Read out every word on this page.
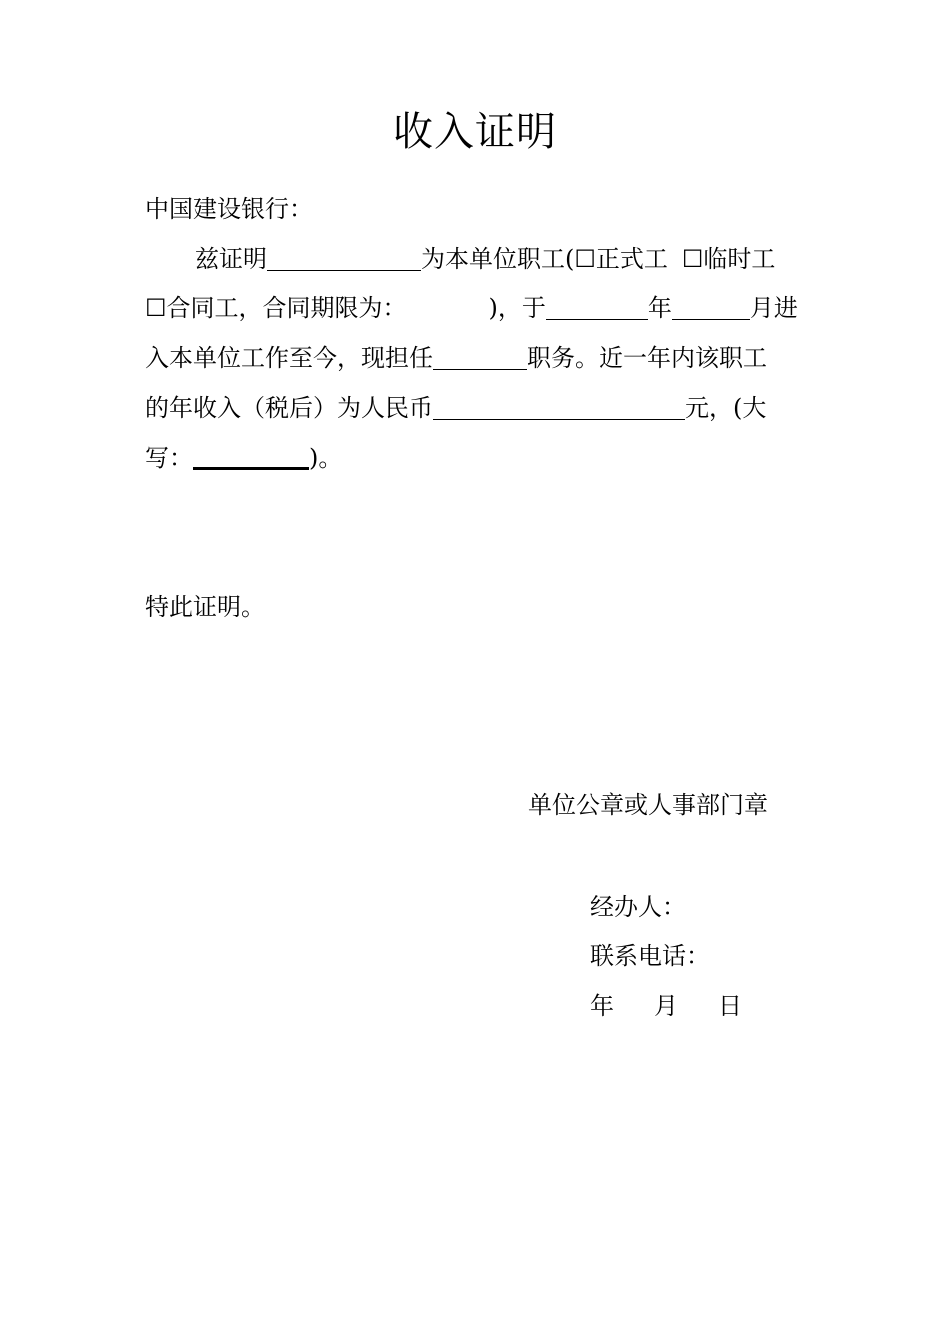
收入证明
中国建设银行：
兹证明	为本单位职工(☐正式工 ☐临时工
☐合同工，合同期限为：	)，于	年	月进
入本单位工作至今，现担任	职务。近一年内该职工
的年收入（税后）为人民币	元，(大
写：	)。
特此证明。
单位公章或人事部门章
经办人：
联系电话：
年 月 日
